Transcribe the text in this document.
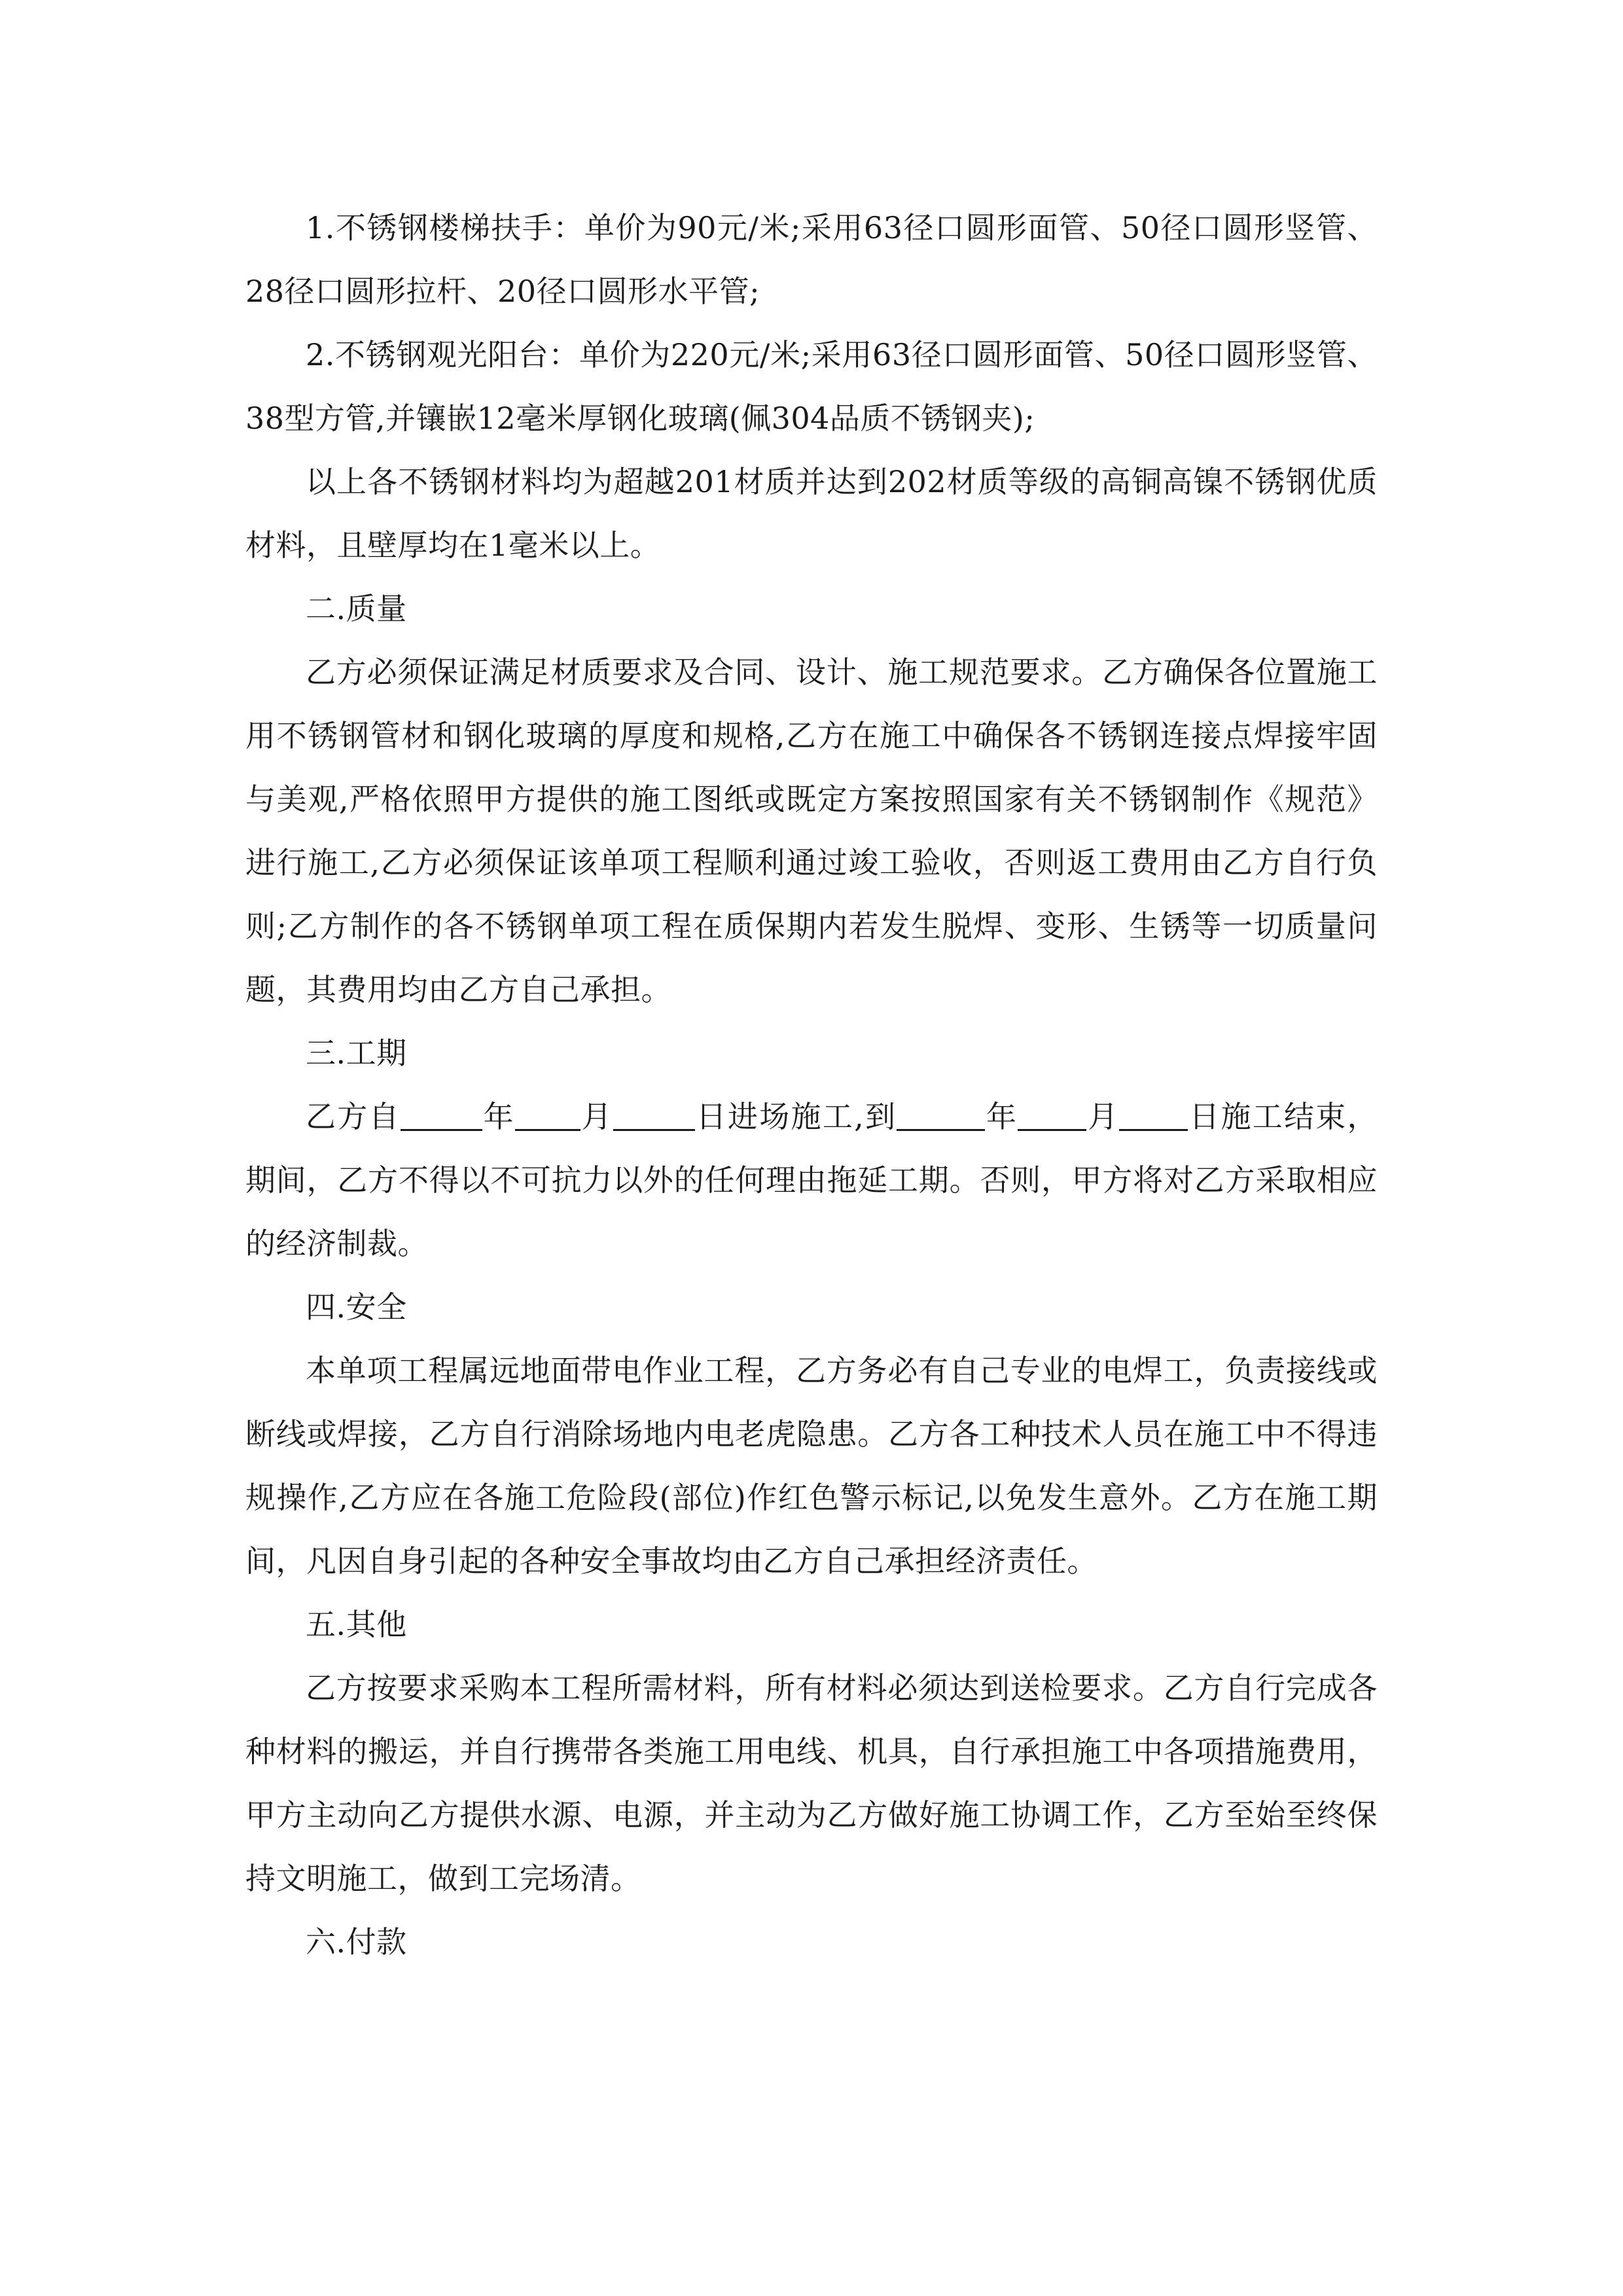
1.不锈钢楼梯扶手：单价为90元/米;采用63径口圆形面管、50径口圆形竖管、28径口圆形拉杆、20径口圆形水平管;

2.不锈钢观光阳台：单价为220元/米;采用63径口圆形面管、50径口圆形竖管、38型方管,并镶嵌12毫米厚钢化玻璃(佩304品质不锈钢夹);

以上各不锈钢材料均为超越201材质并达到202材质等级的高铜高镍不锈钢优质材料，且壁厚均在1毫米以上。

二.质量

乙方必须保证满足材质要求及合同、设计、施工规范要求。乙方确保各位置施工用不锈钢管材和钢化玻璃的厚度和规格,乙方在施工中确保各不锈钢连接点焊接牢固与美观,严格依照甲方提供的施工图纸或既定方案按照国家有关不锈钢制作《规范》进行施工,乙方必须保证该单项工程顺利通过竣工验收，否则返工费用由乙方自行负则;乙方制作的各不锈钢单项工程在质保期内若发生脱焊、变形、生锈等一切质量问题，其费用均由乙方自己承担。

三.工期

乙方自	年 月	日进场施工,到	年 月 日施工结束，期间，乙方不得以不可抗力以外的任何理由拖延工期。否则，甲方将对乙方采取相应的经济制裁。

四.安全

本单项工程属远地面带电作业工程，乙方务必有自己专业的电焊工，负责接线或断线或焊接，乙方自行消除场地内电老虎隐患。乙方各工种技术人员在施工中不得违规操作,乙方应在各施工危险段(部位)作红色警示标记,以免发生意外。乙方在施工期间，凡因自身引起的各种安全事故均由乙方自己承担经济责任。

五.其他

乙方按要求采购本工程所需材料，所有材料必须达到送检要求。乙方自行完成各种材料的搬运，并自行携带各类施工用电线、机具，自行承担施工中各项措施费用，甲方主动向乙方提供水源、电源，并主动为乙方做好施工协调工作，乙方至始至终保持文明施工，做到工完场清。

六.付款
